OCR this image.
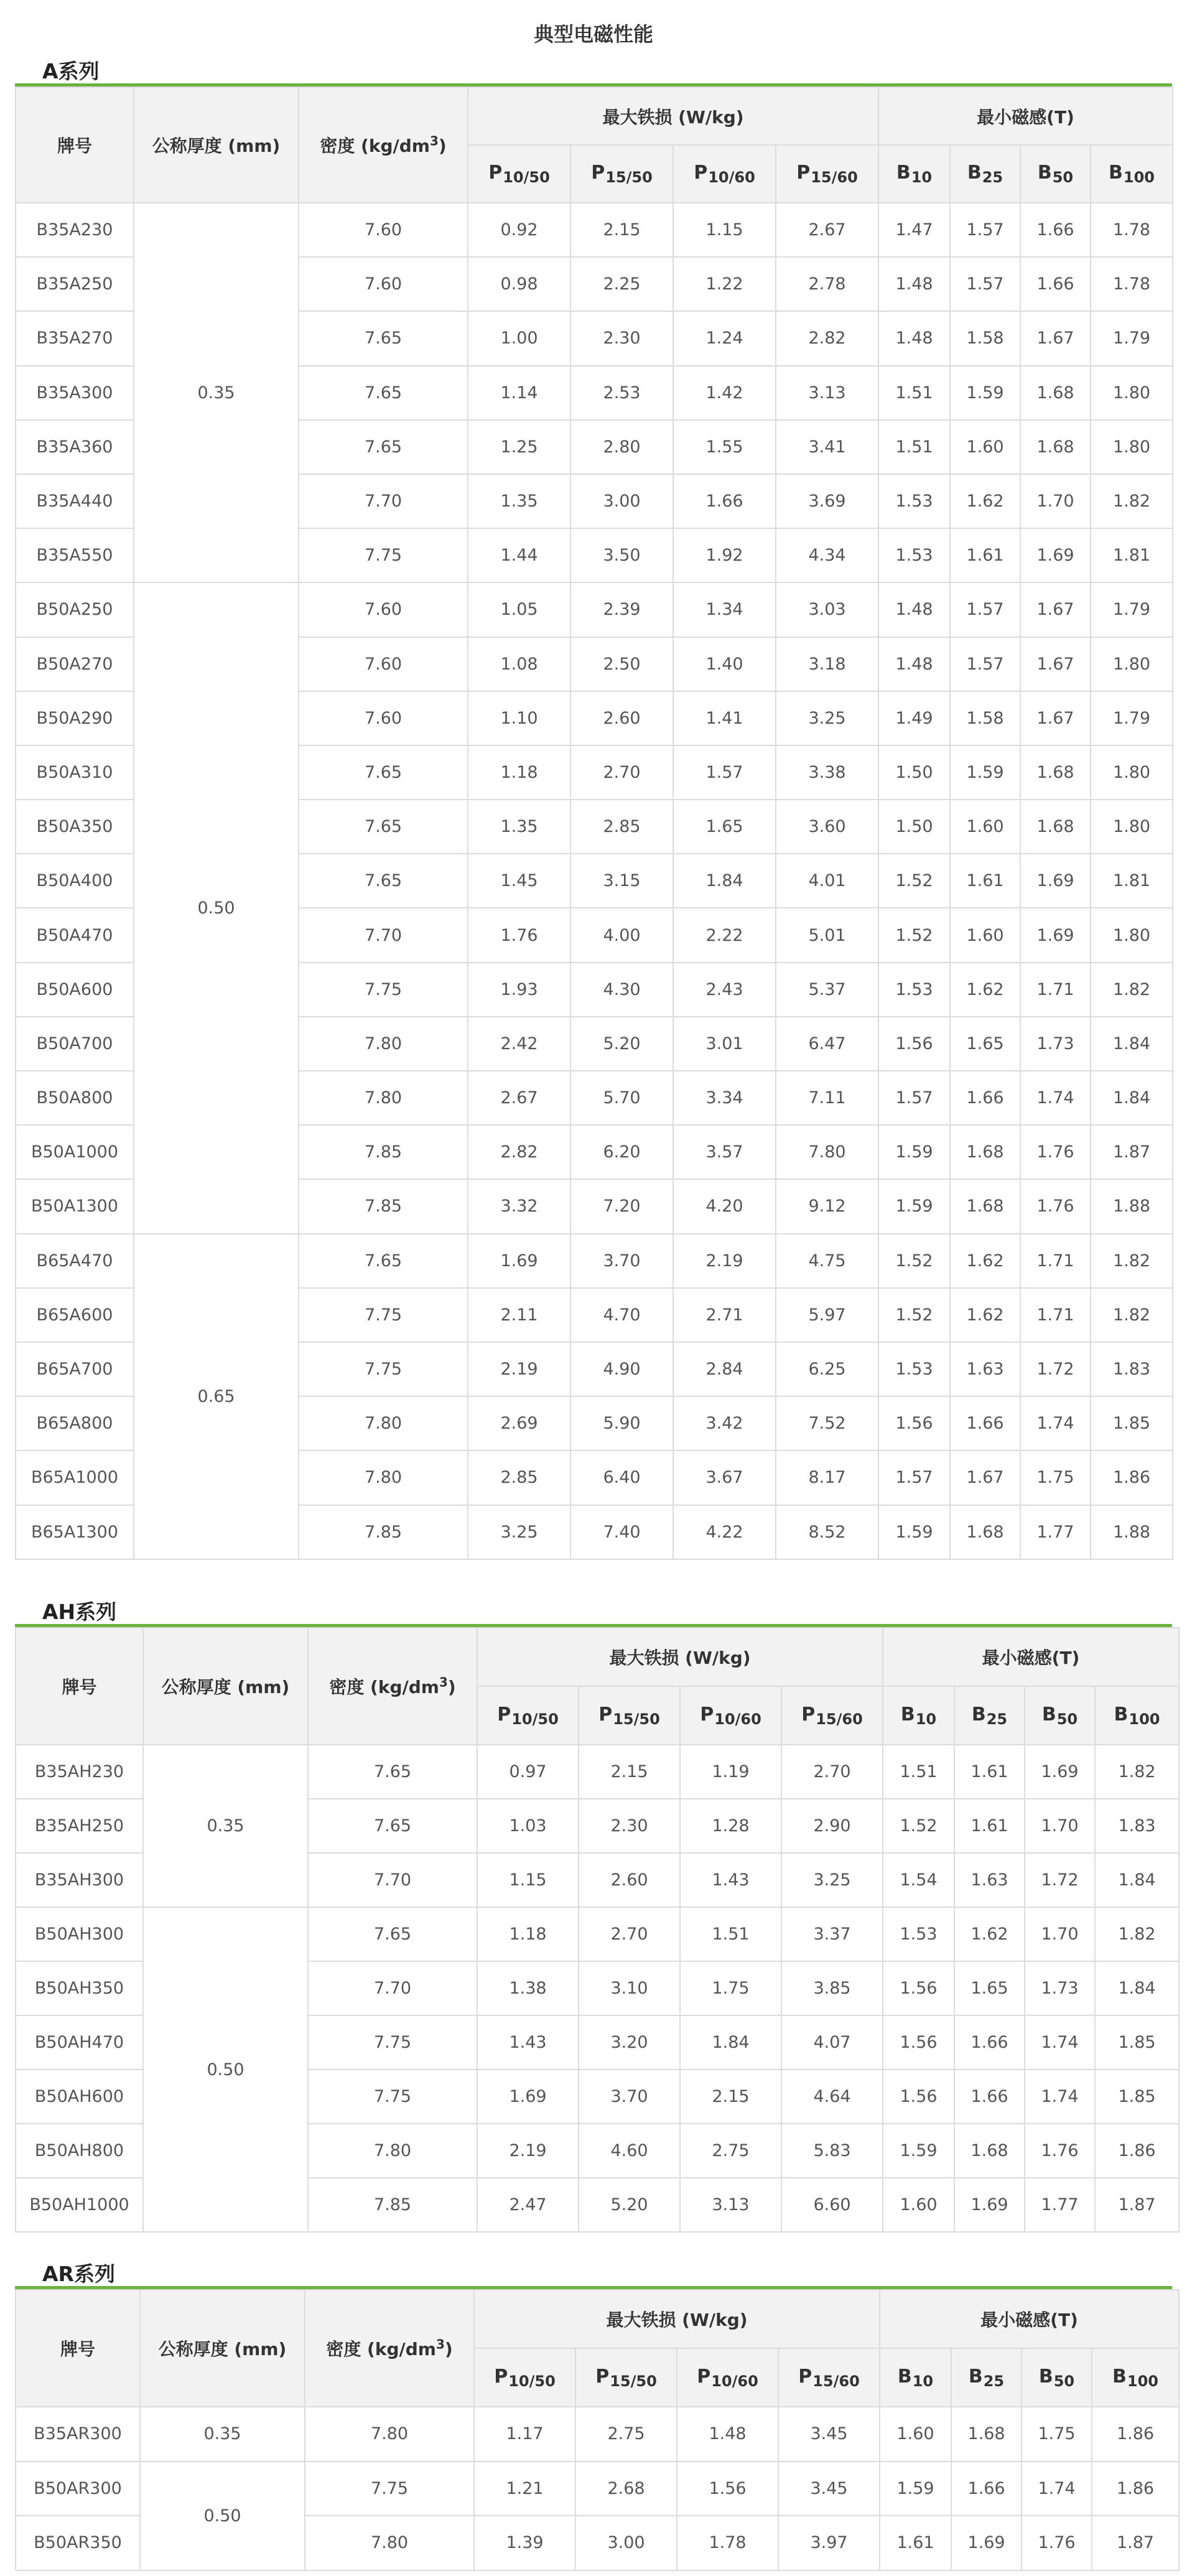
典型电磁性能
A系列
牌号	公称厚度 (mm)	密度 $(kg/dm^3)$	最大铁损 (W/kg)				最小磁感(T)			
			$P_{10/50}$	$P_{15/50}$	$P_{10/60}$	$P_{15/60}$	$B_{10}$	$B_{25}$	$B_{50}$	$B_{100}$
B35A230	0.35	7.60	0.92	2.15	1.15	2.67	1.47	1.57	1.66	1.78
B35A250		7.60	0.98	2.25	1.22	2.78	1.48	1.57	1.66	1.78
B35A270		7.65	1.00	2.30	1.24	2.82	1.48	1.58	1.67	1.79
B35A300		7.65	1.14	2.53	1.42	3.13	1.51	1.59	1.68	1.80
B35A360		7.65	1.25	2.80	1.55	3.41	1.51	1.60	1.68	1.80
B35A440		7.70	1.35	3.00	1.66	3.69	1.53	1.62	1.70	1.82
B35A550		7.75	1.44	3.50	1.92	4.34	1.53	1.61	1.69	1.81
B50A250	0.50	7.60	1.05	2.39	1.34	3.03	1.48	1.57	1.67	1.79
B50A270		7.60	1.08	2.50	1.40	3.18	1.48	1.57	1.67	1.80
B50A290		7.60	1.10	2.60	1.41	3.25	1.49	1.58	1.67	1.79
B50A310		7.65	1.18	2.70	1.57	3.38	1.50	1.59	1.68	1.80
B50A350		7.65	1.35	2.85	1.65	3.60	1.50	1.60	1.68	1.80
B50A400		7.65	1.45	3.15	1.84	4.01	1.52	1.61	1.69	1.81
B50A470		7.70	1.76	4.00	2.22	5.01	1.52	1.60	1.69	1.80
B50A600		7.75	1.93	4.30	2.43	5.37	1.53	1.62	1.71	1.82
B50A700		7.80	2.42	5.20	3.01	6.47	1.56	1.65	1.73	1.84
B50A800		7.80	2.67	5.70	3.34	7.11	1.57	1.66	1.74	1.84
B50A1000		7.85	2.82	6.20	3.57	7.80	1.59	1.68	1.76	1.87
B50A1300		7.85	3.32	7.20	4.20	9.12	1.59	1.68	1.76	1.88
B65A470	0.65	7.65	1.69	3.70	2.19	4.75	1.52	1.62	1.71	1.82
B65A600		7.75	2.11	4.70	2.71	5.97	1.52	1.62	1.71	1.82
B65A700		7.75	2.19	4.90	2.84	6.25	1.53	1.63	1.72	1.83
B65A800		7.80	2.69	5.90	3.42	7.52	1.56	1.66	1.74	1.85
B65A1000		7.80	2.85	6.40	3.67	8.17	1.57	1.67	1.75	1.86
B65A1300		7.85	3.25	7.40	4.22	8.52	1.59	1.68	1.77	1.88
AH系列
牌号	公称厚度 (mm)	密度 $(kg/dm^3)$	最大铁损 (W/kg)				最小磁感(T)			
			$P_{10/50}$	$P_{15/50}$	$P_{10/60}$	$P_{15/60}$	$B_{10}$	$B_{25}$	$B_{50}$	$B_{100}$
B35AH230	0.35	7.65	0.97	2.15	1.19	2.70	1.51	1.61	1.69	1.82
B35AH250		7.65	1.03	2.30	1.28	2.90	1.52	1.61	1.70	1.83
B35AH300		7.70	1.15	2.60	1.43	3.25	1.54	1.63	1.72	1.84
B50AH300	0.50	7.65	1.18	2.70	1.51	3.37	1.53	1.62	1.70	1.82
B50AH350		7.70	1.38	3.10	1.75	3.85	1.56	1.65	1.73	1.84
B50AH470		7.75	1.43	3.20	1.84	4.07	1.56	1.66	1.74	1.85
B50AH600		7.75	1.69	3.70	2.15	4.64	1.56	1.66	1.74	1.85
B50AH800		7.80	2.19	4.60	2.75	5.83	1.59	1.68	1.76	1.86
B50AH1000		7.85	2.47	5.20	3.13	6.60	1.60	1.69	1.77	1.87
AR系列
牌号	公称厚度 (mm)	密度 $(kg/dm^3)$	最大铁损 (W/kg)				最小磁感(T)			
			$P_{10/50}$	$P_{15/50}$	$P_{10/60}$	$P_{15/60}$	$B_{10}$	$B_{25}$	$B_{50}$	$B_{100}$
B35AR300	0.35	7.80	1.17	2.75	1.48	3.45	1.60	1.68	1.75	1.86
B50AR300	0.50	7.75	1.21	2.68	1.56	3.45	1.59	1.66	1.74	1.86
B50AR350		7.80	1.39	3.00	1.78	3.97	1.61	1.69	1.76	1.87
